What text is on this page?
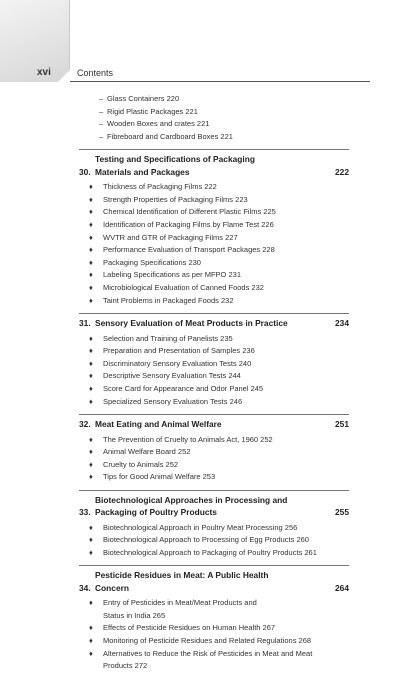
xvi	Contents
– Glass Containers 220
– Rigid Plastic Packages 221
– Wooden Boxes and crates 221
– Fibreboard and Cardboard Boxes 221
30.
Testing and Specifications of Packaging
Materials and Packages	222
♦ Thickness of Packaging Films 222
♦ Strength Properties of Packaging Films 223
♦ Chemical Identification of Different Plastic Films 225
♦ Identification of Packaging Films by Flame Test 226
♦ WVTR and GTR of Packaging Films 227
♦ Performance Evaluation of Transport Packages 228
♦ Packaging Specifications 230
♦ Labeling Specifications as per MFPO 231
♦ Microbiological Evaluation of Canned Foods 232
♦ Taint Problems in Packaged Foods 232
31. Sensory Evaluation of Meat Products in Practice	234
♦ Selection and Training of Panelists 235
♦ Preparation and Presentation of Samples 236
♦ Discriminatory Sensory Evaluation Tests 240
♦ Descriptive Sensory Evaluation Tests 244
♦ Score Card for Appearance and Odor Panel 245
♦ Specialized Sensory Evaluation Tests 246
32. Meat Eating and Animal Welfare	251
♦ The Prevention of Cruelty to Animals Act, 1960 252
♦ Animal Welfare Board 252
♦ Cruelty to Animals 252
♦ Tips for Good Animal Welfare 253
33.
Biotechnological Approaches in Processing and
Packaging of Poultry Products	255
♦ Biotechnological Approach in Poultry Meat Processing 256
♦ Biotechnological Approach to Processing of Egg Products 260
♦ Biotechnological Approach to Packaging of Poultry Products 261
34.
Pesticide Residues in Meat: A Public Health
Concern	264
♦ Entry of Pesticides in Meat/Meat Products and
Status in India 265
♦ Effects of Pesticide Residues on Human Health 267
♦ Monitoring of Pesticide Residues and Related Regulations 268
♦ Alternatives to Reduce the Risk of Pesticides in Meat and Meat
Products 272
